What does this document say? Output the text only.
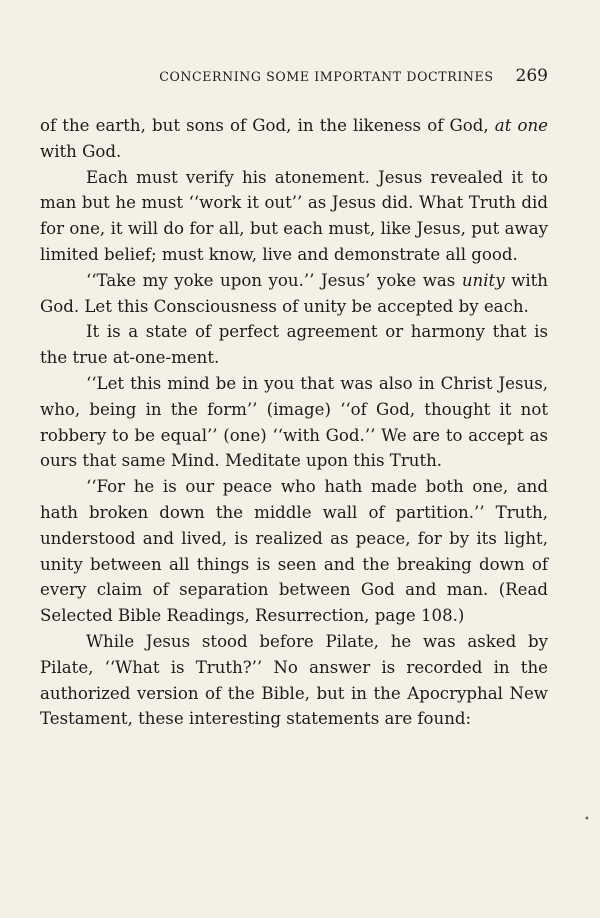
CONCERNING SOME IMPORTANT DOCTRINES 269

of the earth, but sons of God, in the likeness of God, at one with God.

Each must verify his atonement. Jesus revealed it to man but he must ‘‘work it out’’ as Jesus did. What Truth did for one, it will do for all, but each must, like Jesus, put away limited belief; must know, live and demonstrate all good.

‘‘Take my yoke upon you.’’ Jesus’ yoke was unity with God. Let this Consciousness of unity be accepted by each.

It is a state of perfect agreement or harmony that is the true at-one-ment.

‘‘Let this mind be in you that was also in Christ Jesus, who, being in the form’’ (image) ‘‘of God, thought it not robbery to be equal’’ (one) ‘‘with God.’’ We are to accept as ours that same Mind. Meditate upon this Truth.

‘‘For he is our peace who hath made both one, and hath broken down the middle wall of partition.’’ Truth, understood and lived, is realized as peace, for by its light, unity between all things is seen and the breaking down of every claim of separation between God and man. (Read Selected Bible Readings, Resurrection, page 108.)

While Jesus stood before Pilate, he was asked by Pilate, ‘‘What is Truth?’’ No answer is recorded in the authorized version of the Bible, but in the Apocryphal New Testament, these interesting statements are found:

•
